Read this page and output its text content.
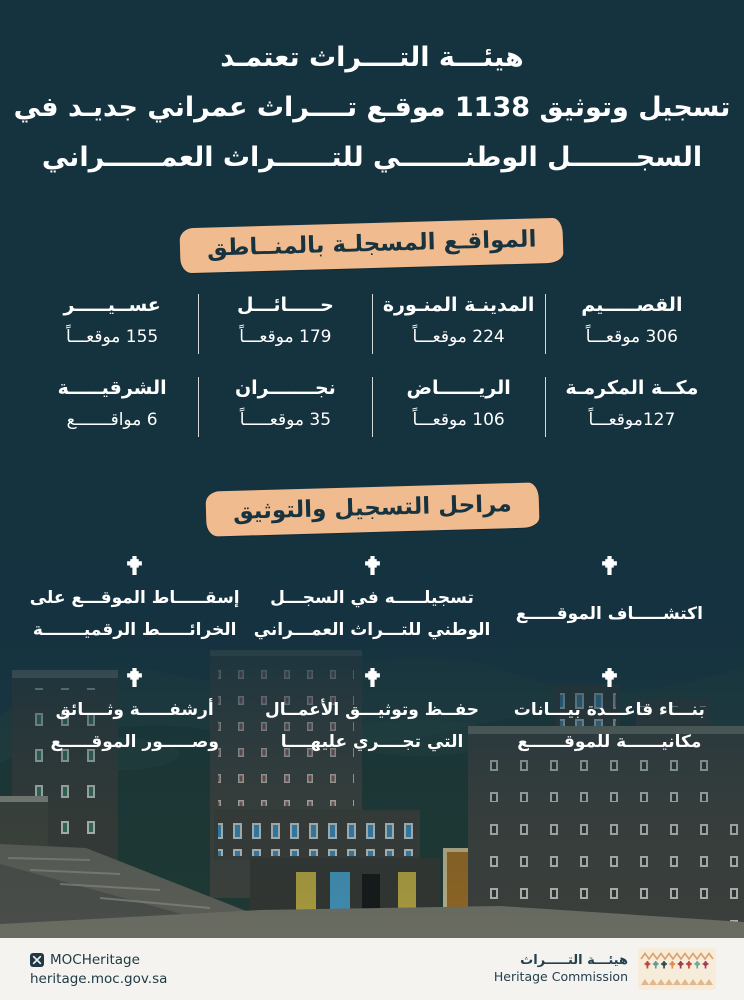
هيئـــة التــــراث تعتمـد
تسجيل وتوثيق 1138 موقـع تــــراث عمراني جديـد في
السجـــــــل الوطنـــــــي للتــــــراث العمــــــراني
المواقـع المسجلـة بالمنــاطق
القصـــــيم
306 موقعـــاً
المدينـة المنـورة
224 موقعـــاً
حـــــائـــل
179 موقعـــاً
عســيـــــر
155 موقعـــاً
مكــة المكرمـة
127موقعـــاً
الريــــــاض
106 موقعـــاً
نجـــــــران
35 موقعـــــاً
الشرقيـــــة
6 مواقـــــــع
مراحل التسجيل والتوثيق
اكتشـــــاف الموقـــــع
تسجيلـــــه في السجـــل
الوطني للتـــراث العمـــراني
إسقـــــاط الموقـــع على
الخرائـــــط الرقميـــــــة
بنـــاء قاعـــدة بيـــانات
مكانيــــــة للموقــــــع
حفــظ وتوثيـــق الأعمــال
التي تجــــري عليهــــا
أرشفـــــة وثــــائق
وصـــــور الموقـــــع
MOCHeritage
heritage.moc.gov.sa
هيئـــة التـــــراث
Heritage Commission
